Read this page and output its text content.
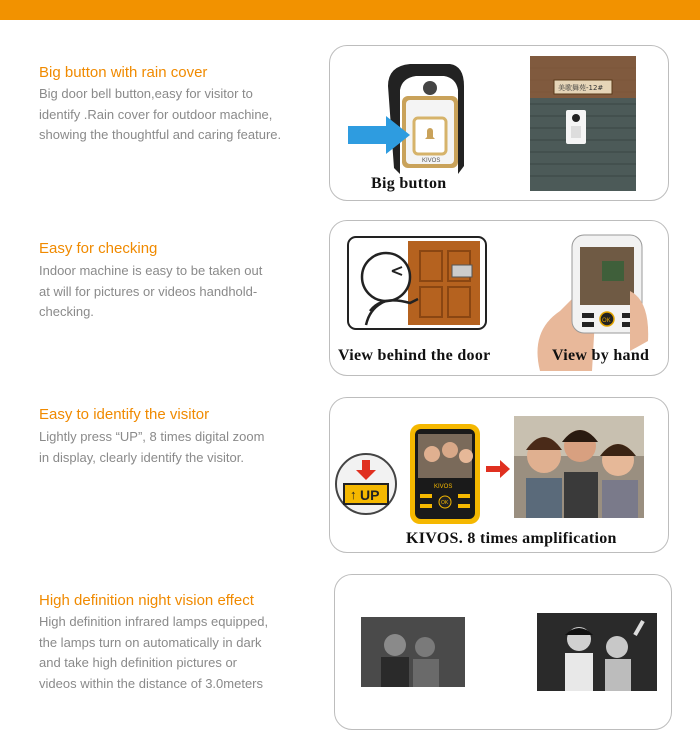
Big button with rain cover
Big door bell button,easy for visitor to
identify .Rain cover for outdoor machine,
showing the thoughtful and caring feature.
KIVOS
美歌舞苑-12#
Big button
Easy for checking
Indoor machine is easy to be taken out
at will for pictures or videos handhold-
checking.
OK
View behind the door	View by hand
Easy to identify the visitor
Lightly press “UP”, 8 times digital zoom
in display, clearly identify the visitor.
↑ UP	KIVOS
OK
KIVOS. 8 times amplification
High definition night vision effect
High definition infrared lamps equipped,
the lamps turn on automatically in dark
and take high definition pictures or
videos within the distance of 3.0meters
